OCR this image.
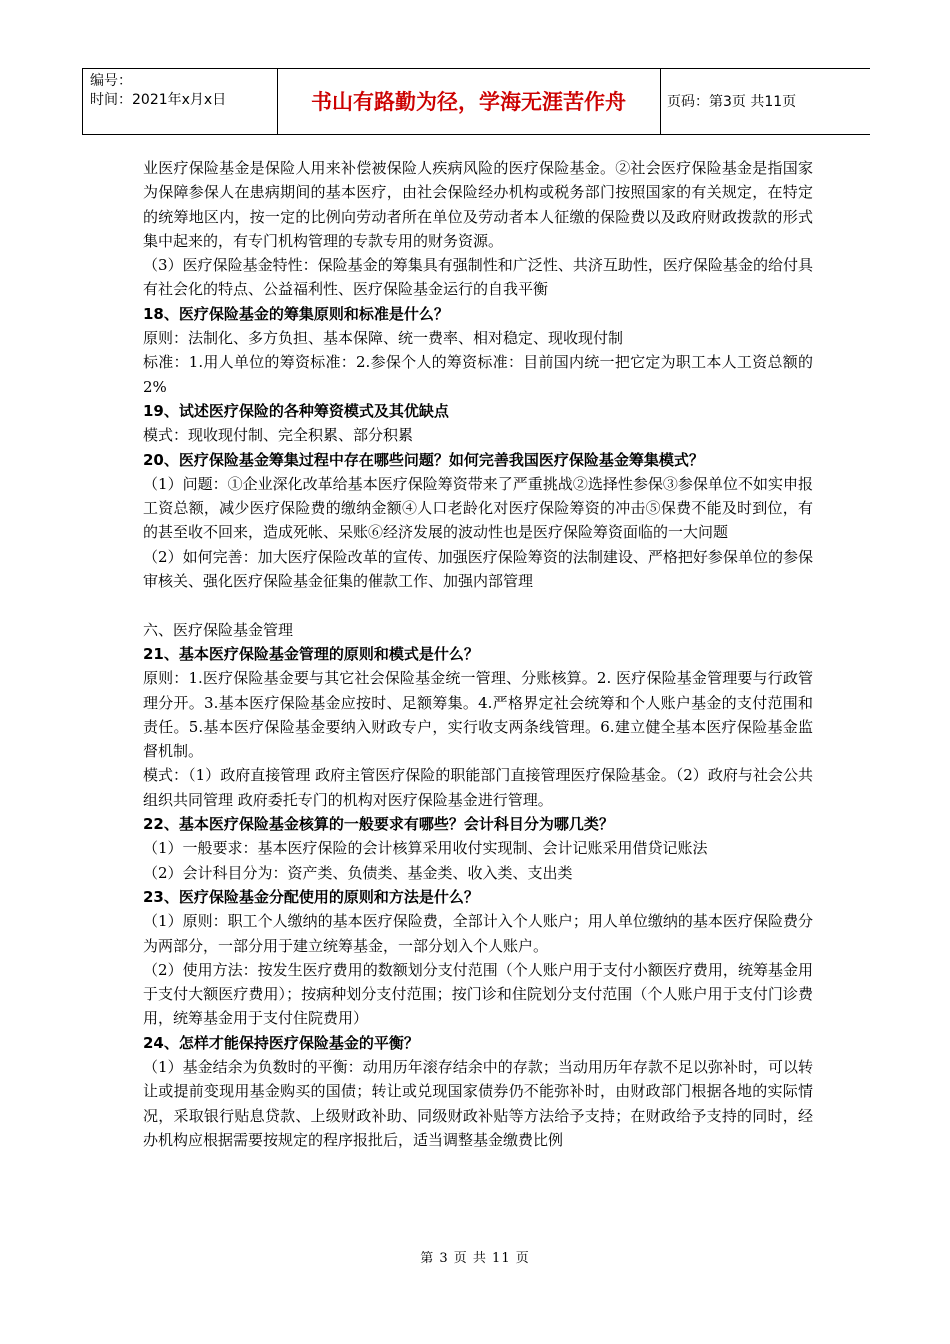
编号：
时间：2021年x月x日	书山有路勤为径，学海无涯苦作舟	页码：第3页 共11页

业医疗保险基金是保险人用来补偿被保险人疾病风险的医疗保险基金。②社会医疗保险基金是指国家为保障参保人在患病期间的基本医疗，由社会保险经办机构或税务部门按照国家的有关规定，在特定的统筹地区内，按一定的比例向劳动者所在单位及劳动者本人征缴的保险费以及政府财政拨款的形式集中起来的，有专门机构管理的专款专用的财务资源。

（3）医疗保险基金特性：保险基金的筹集具有强制性和广泛性、共济互助性，医疗保险基金的给付具有社会化的特点、公益福利性、医疗保险基金运行的自我平衡

18、医疗保险基金的筹集原则和标准是什么？

原则：法制化、多方负担、基本保障、统一费率、相对稳定、现收现付制

标准：1.用人单位的筹资标准：2.参保个人的筹资标准：目前国内统一把它定为职工本人工资总额的2%

19、试述医疗保险的各种筹资模式及其优缺点

模式：现收现付制、完全积累、部分积累

20、医疗保险基金筹集过程中存在哪些问题？如何完善我国医疗保险基金筹集模式？

（1）问题：①企业深化改革给基本医疗保险筹资带来了严重挑战②选择性参保③参保单位不如实申报工资总额，减少医疗保险费的缴纳金额④人口老龄化对医疗保险筹资的冲击⑤保费不能及时到位，有的甚至收不回来，造成死帐、呆账⑥经济发展的波动性也是医疗保险筹资面临的一大问题

（2）如何完善：加大医疗保险改革的宣传、加强医疗保险筹资的法制建设、严格把好参保单位的参保审核关、强化医疗保险基金征集的催款工作、加强内部管理

六、医疗保险基金管理

21、基本医疗保险基金管理的原则和模式是什么？

原则：1.医疗保险基金要与其它社会保险基金统一管理、分账核算。2. 医疗保险基金管理要与行政管理分开。3.基本医疗保险基金应按时、足额筹集。4.严格界定社会统筹和个人账户基金的支付范围和责任。5.基本医疗保险基金要纳入财政专户，实行收支两条线管理。6.建立健全基本医疗保险基金监督机制。

模式：（1）政府直接管理 政府主管医疗保险的职能部门直接管理医疗保险基金。（2）政府与社会公共组织共同管理 政府委托专门的机构对医疗保险基金进行管理。

22、基本医疗保险基金核算的一般要求有哪些？会计科目分为哪几类？

（1）一般要求：基本医疗保险的会计核算采用收付实现制、会计记账采用借贷记账法

（2）会计科目分为：资产类、负债类、基金类、收入类、支出类

23、医疗保险基金分配使用的原则和方法是什么？

（1）原则：职工个人缴纳的基本医疗保险费，全部计入个人账户；用人单位缴纳的基本医疗保险费分为两部分，一部分用于建立统筹基金，一部分划入个人账户。

（2）使用方法：按发生医疗费用的数额划分支付范围（个人账户用于支付小额医疗费用，统筹基金用于支付大额医疗费用）；按病种划分支付范围；按门诊和住院划分支付范围（个人账户用于支付门诊费用，统筹基金用于支付住院费用）

24、怎样才能保持医疗保险基金的平衡？

（1）基金结余为负数时的平衡：动用历年滚存结余中的存款；当动用历年存款不足以弥补时，可以转让或提前变现用基金购买的国债；转让或兑现国家债券仍不能弥补时，由财政部门根据各地的实际情况，采取银行贴息贷款、上级财政补助、同级财政补贴等方法给予支持；在财政给予支持的同时，经办机构应根据需要按规定的程序报批后，适当调整基金缴费比例

第 3 页 共 11 页
